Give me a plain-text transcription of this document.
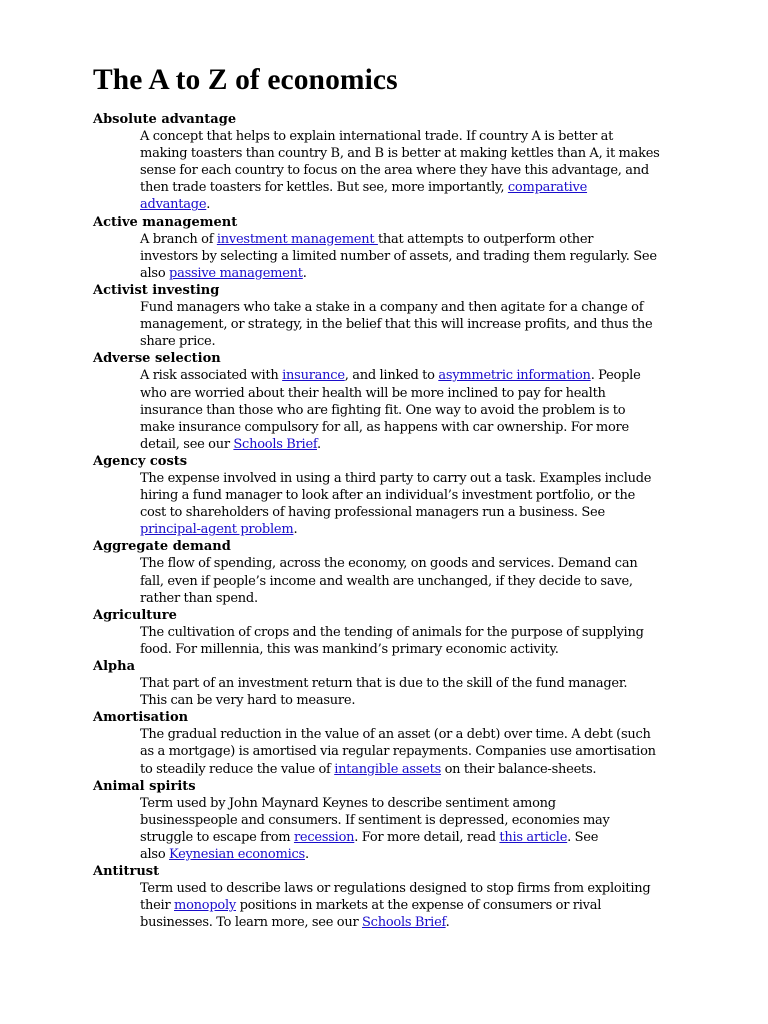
The A to Z of economics
Absolute advantage
A concept that helps to explain international trade. If country A is better at
making toasters than country B, and B is better at making kettles than A, it makes
sense for each country to focus on the area where they have this advantage, and
then trade toasters for kettles. But see, more importantly, comparative
advantage.
Active management
A branch of investment management that attempts to outperform other
investors by selecting a limited number of assets, and trading them regularly. See
also passive management.
Activist investing
Fund managers who take a stake in a company and then agitate for a change of
management, or strategy, in the belief that this will increase profits, and thus the
share price.
Adverse selection
A risk associated with insurance, and linked to asymmetric information. People
who are worried about their health will be more inclined to pay for health
insurance than those who are fighting fit. One way to avoid the problem is to
make insurance compulsory for all, as happens with car ownership. For more
detail, see our Schools Brief.
Agency costs
The expense involved in using a third party to carry out a task. Examples include
hiring a fund manager to look after an individual’s investment portfolio, or the
cost to shareholders of having professional managers run a business. See
principal-agent problem.
Aggregate demand
The flow of spending, across the economy, on goods and services. Demand can
fall, even if people’s income and wealth are unchanged, if they decide to save,
rather than spend.
Agriculture
The cultivation of crops and the tending of animals for the purpose of supplying
food. For millennia, this was mankind’s primary economic activity.
Alpha
That part of an investment return that is due to the skill of the fund manager.
This can be very hard to measure.
Amortisation
The gradual reduction in the value of an asset (or a debt) over time. A debt (such
as a mortgage) is amortised via regular repayments. Companies use amortisation
to steadily reduce the value of intangible assets on their balance-sheets.
Animal spirits
Term used by John Maynard Keynes to describe sentiment among
businesspeople and consumers. If sentiment is depressed, economies may
struggle to escape from recession. For more detail, read this article. See
also Keynesian economics.
Antitrust
Term used to describe laws or regulations designed to stop firms from exploiting
their monopoly positions in markets at the expense of consumers or rival
businesses. To learn more, see our Schools Brief.
